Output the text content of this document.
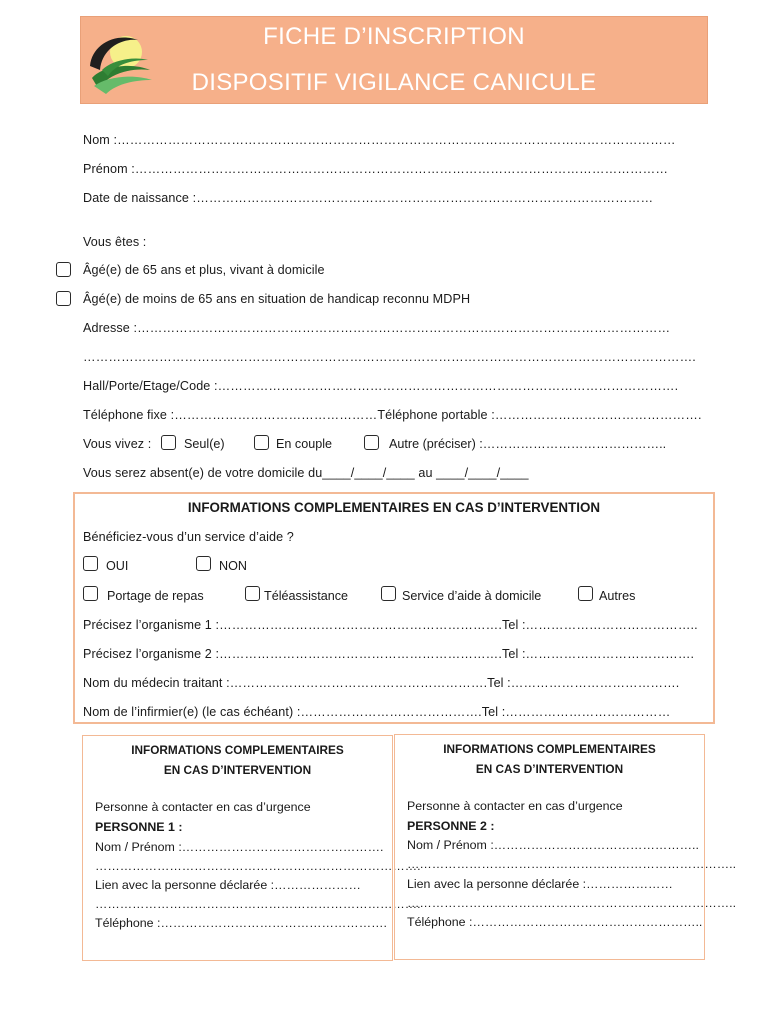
FICHE D’INSCRIPTION
DISPOSITIF VIGILANCE CANICULE
Nom :……………………………………………………………………………………………………………………
Prénom :………………………………………………………………………………………………………………
Date de naissance :………………………………………………………………………………………………
Vous êtes :
Âgé(e) de 65 ans et plus, vivant à domicile
Âgé(e) de moins de 65 ans en situation de handicap reconnu MDPH
Adresse :………………………………………………………………………………………………………………
……………………………………………………………………………………………………………………………….
Hall/Porte/Etage/Code :……………………………………………………………………………………………….
Téléphone fixe :…………………………………………Téléphone portable :………………………………………….
Vous vivez :	Seul(e)	En couple	Autre (préciser) :……………………………………..
Vous serez absent(e) de votre domicile du____/____/____ au ____/____/____
INFORMATIONS COMPLEMENTAIRES EN CAS D’INTERVENTION
Bénéficiez-vous d’un service d’aide ?
OUI	NON
Portage de repas	Téléassistance	Service d’aide à domicile	Autres
Précisez l’organisme 1 :………………………………………………………….Tel :…………………………………..
Précisez l’organisme 2 :………………………………………………………….Tel :………………………………….
Nom du médecin traitant :…………………………………………………….Tel :………………………………….
Nom de l’infirmier(e) (le cas échéant) :…………………………………….Tel :…………………………………
INFORMATIONS COMPLEMENTAIRES
EN CAS D’INTERVENTION
Personne à contacter en cas d’urgence
PERSONNE 1 :
Nom / Prénom :………………………………………….
…………………………………………………………………….
Lien avec la personne déclarée :…………………
…………………………………………………………………….
Téléphone :……………………………………………….
INFORMATIONS COMPLEMENTAIRES
EN CAS D’INTERVENTION
Personne à contacter en cas d’urgence
PERSONNE 2 :
Nom / Prénom :…………………………………………..
……………………………………………………………………..
Lien avec la personne déclarée :…………………
……………………………………………………………………..
Téléphone :………………………………………………..
